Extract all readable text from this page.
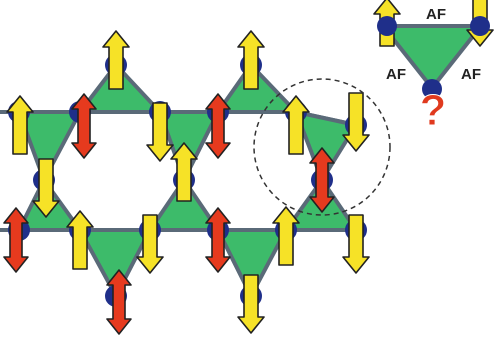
AF
AF	AF
?
